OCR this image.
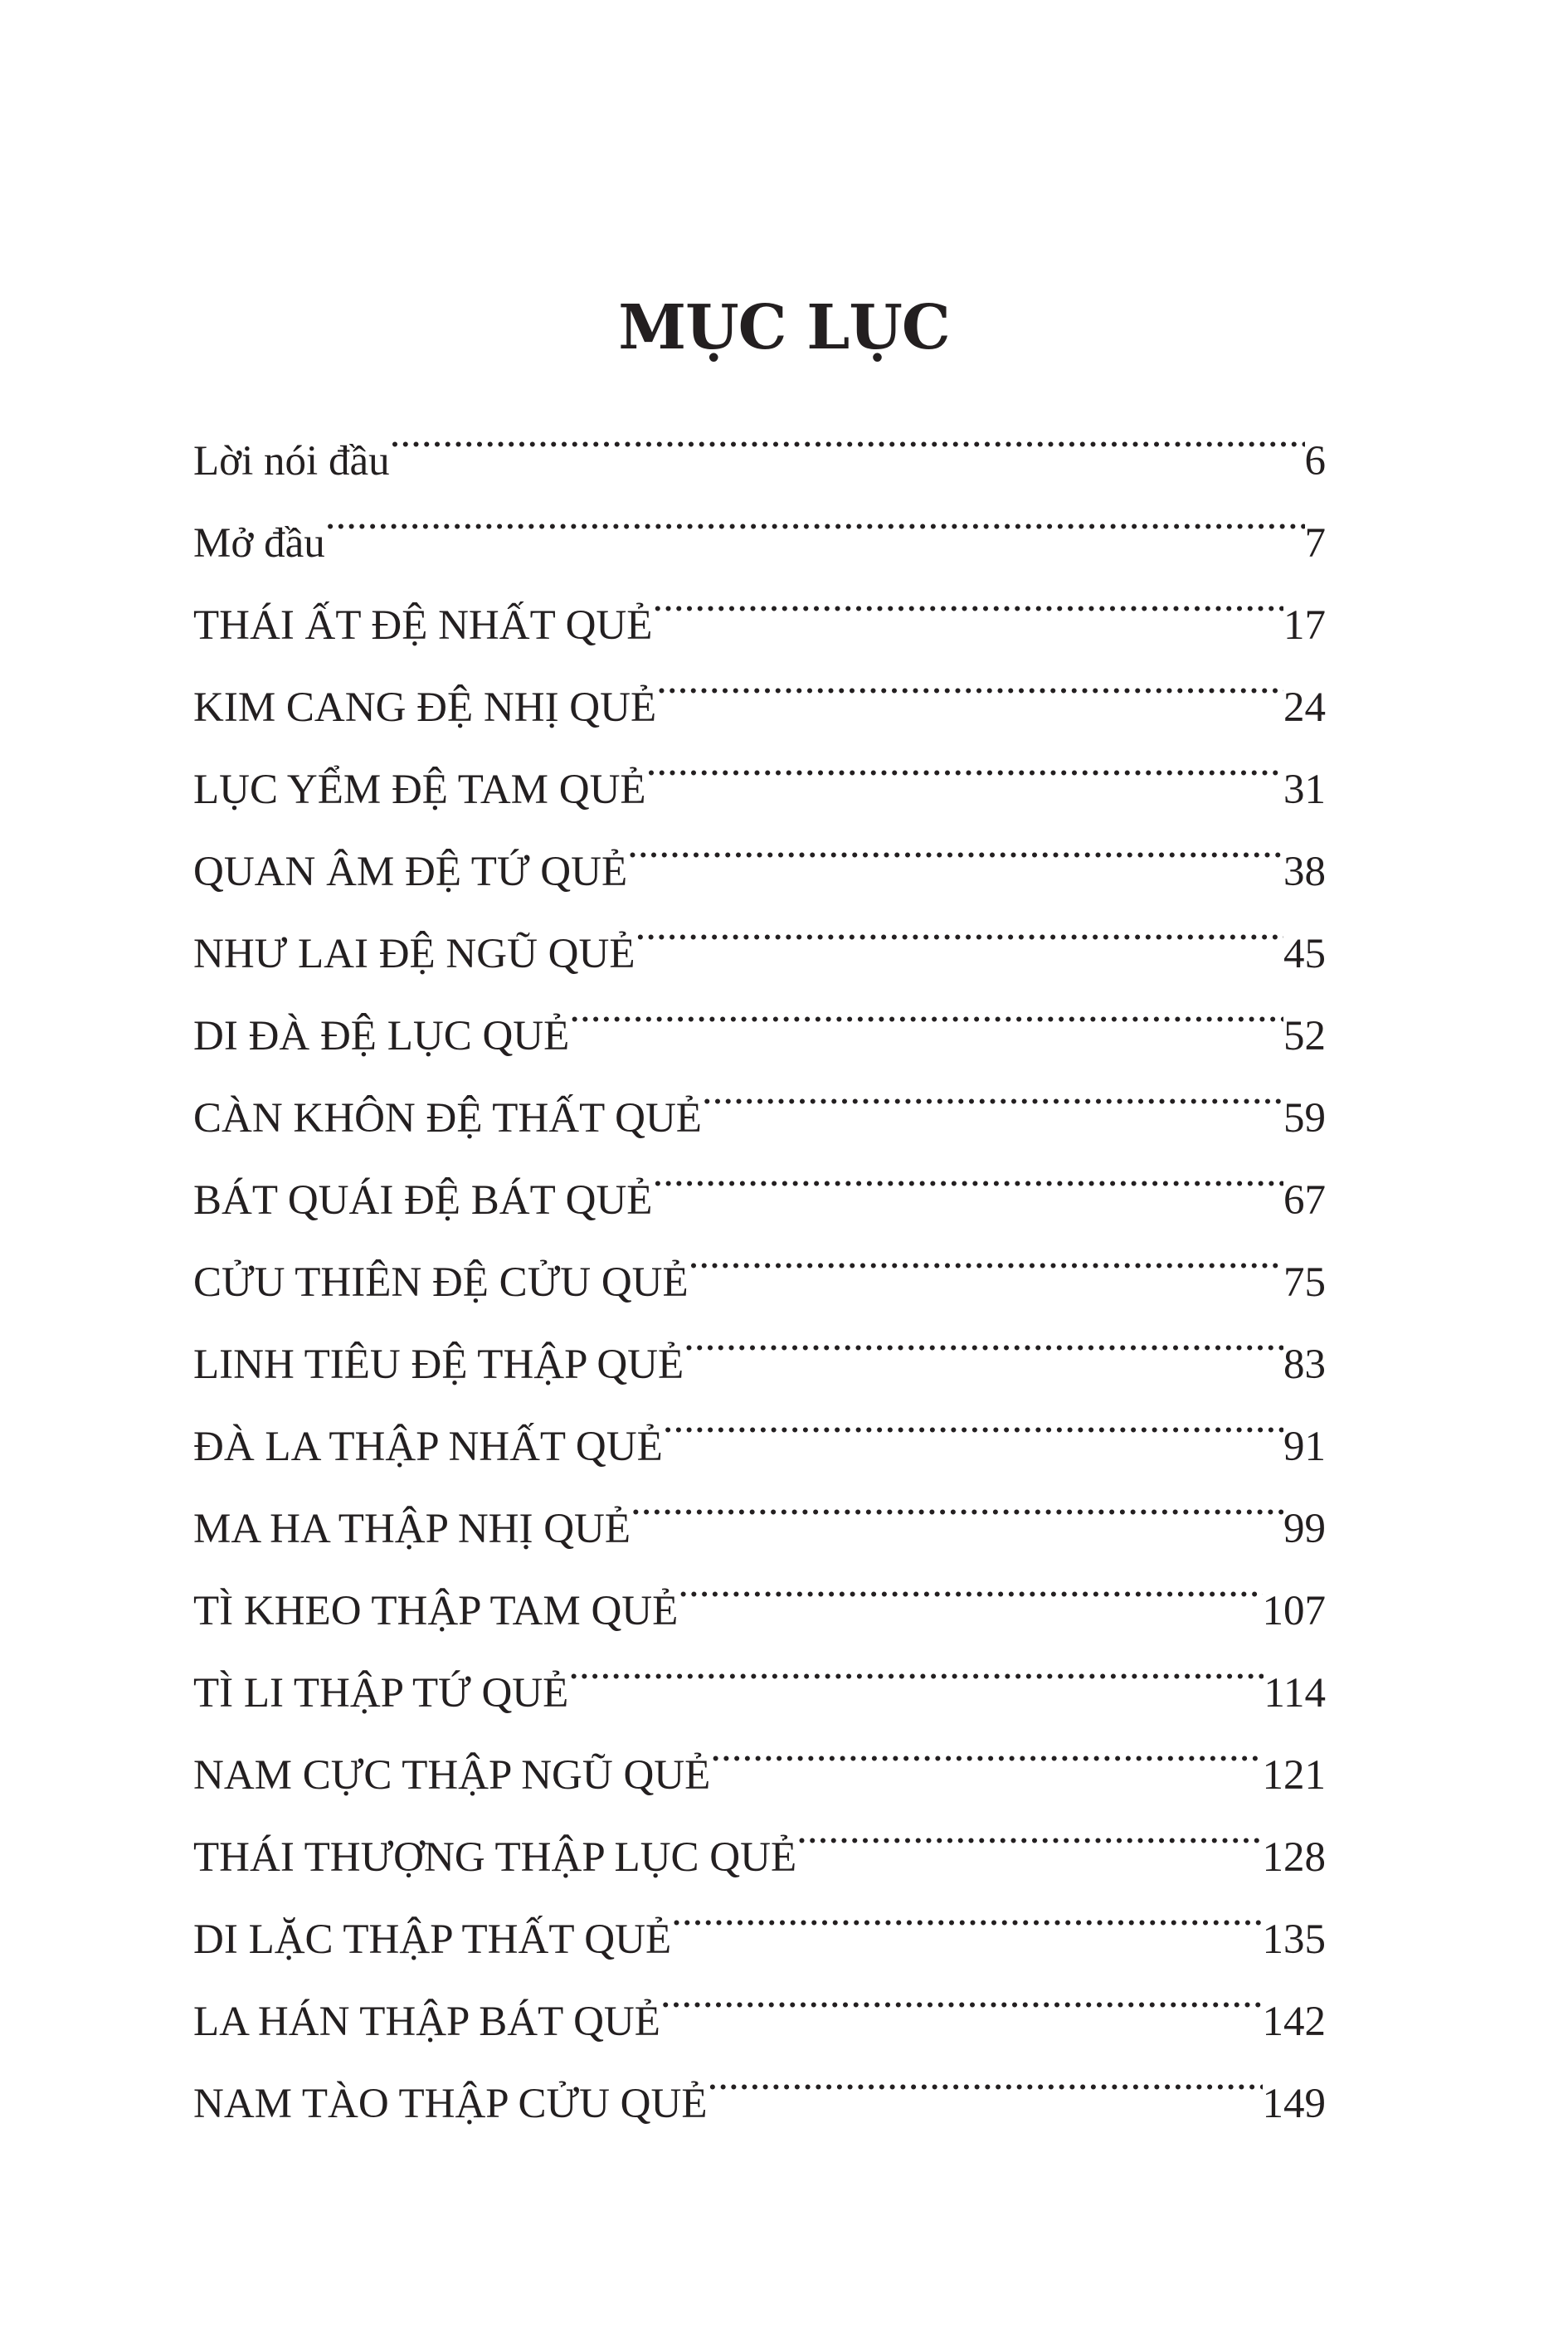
MỤC LỤC
Lời nói đầu .....	6
Mở đầu .....	7
THÁI ẤT ĐỆ NHẤT QUẺ .....	17
KIM CANG ĐỆ NHỊ QUẺ .....	24
LỤC YỂM ĐỆ TAM QUẺ .....	31
QUAN ÂM ĐỆ TỨ QUẺ .....	38
NHƯ LAI ĐỆ NGŨ QUẺ .....	45
DI ĐÀ ĐỆ LỤC QUẺ .....	52
CÀN KHÔN ĐỆ THẤT QUẺ .....	59
BÁT QUÁI ĐỆ BÁT QUẺ .....	67
CỬU THIÊN ĐỆ CỬU QUẺ .....	75
LINH TIÊU ĐỆ THẬP QUẺ .....	83
ĐÀ LA THẬP NHẤT QUẺ .....	91
MA HA THẬP NHỊ QUẺ .....	99
TÌ KHEO THẬP TAM QUẺ .....	107
TÌ LI THẬP TỨ QUẺ .....	114
NAM CỰC THẬP NGŨ QUẺ .....	121
THÁI THƯỢNG THẬP LỤC QUẺ .....	128
DI LẶC THẬP THẤT QUẺ .....	135
LA HÁN THẬP BÁT QUẺ .....	142
NAM TÀO THẬP CỬU QUẺ .....	149
